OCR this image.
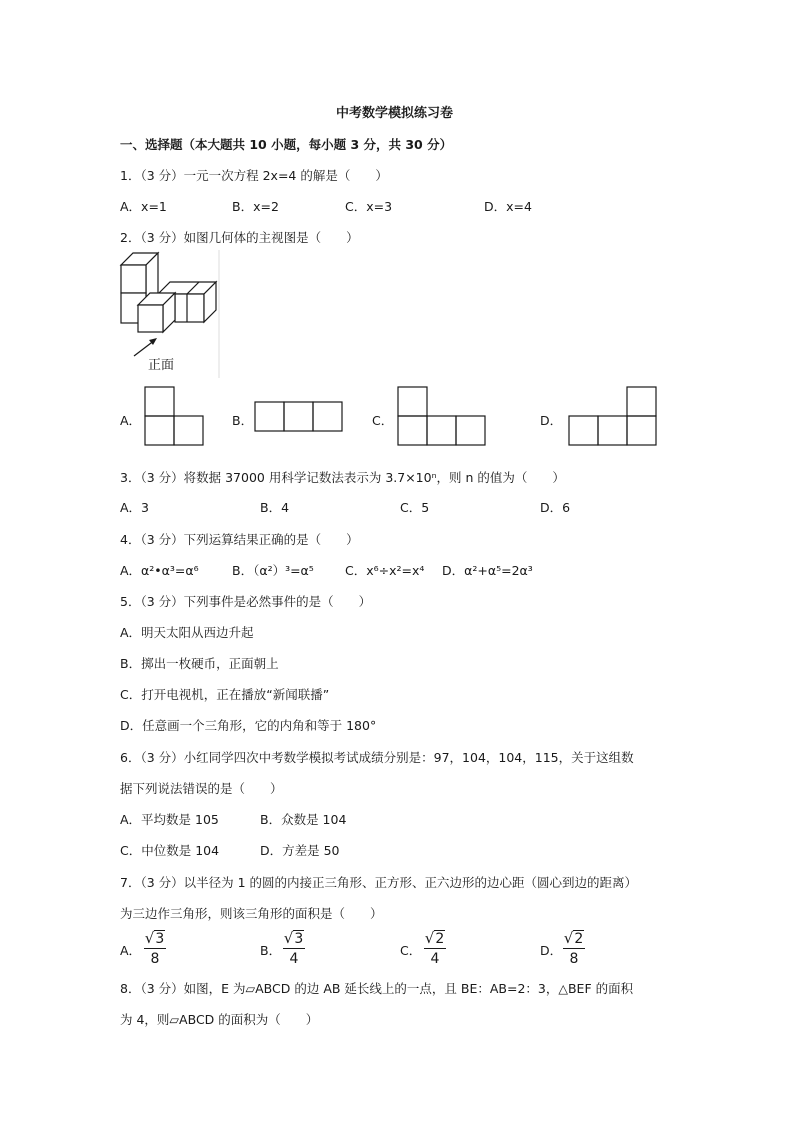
中考数学模拟练习卷
一、选择题（本大题共 10 小题，每小题 3 分，共 30 分）
1．（3 分）一元一次方程 2x=4 的解是（　　）
A．x=1	B．x=2	C．x=3	D．x=4
2．（3 分）如图几何体的主视图是（　　）
正面
A．	B．	C．	D．
3．（3 分）将数据 37000 用科学记数法表示为 3.7×10ⁿ，则 n 的值为（　　）
A．3	B．4	C．5	D．6
4．（3 分）下列运算结果正确的是（　　）
A．α²•α³=α⁶	B．（α²）³=α⁵ C．x⁶÷x²=x⁴ D．α²+α⁵=2α³
5．（3 分）下列事件是必然事件的是（　　）
A．明天太阳从西边升起
B．掷出一枚硬币，正面朝上
C．打开电视机，正在播放“新闻联播”
D．任意画一个三角形，它的内角和等于 180°
6．（3 分）小红同学四次中考数学模拟考试成绩分别是：97，104，104，115，关于这组数
据下列说法错误的是（　　）
A．平均数是 105	B．众数是 104
C．中位数是 104	D．方差是 50
7．（3 分）以半径为 1 的圆的内接正三角形、正方形、正六边形的边心距（圆心到边的距离）
为三边作三角形，则该三角形的面积是（　　）
A． $\frac{√3}{8}$	B． $\frac{√3}{4}$	C． $\frac{√2}{4}$	D． $\frac{√2}{8}$
8．（3 分）如图，E 为▱ABCD 的边 AB 延长线上的一点，且 BE：AB=2：3，△BEF 的面积
为 4，则▱ABCD 的面积为（　　）
